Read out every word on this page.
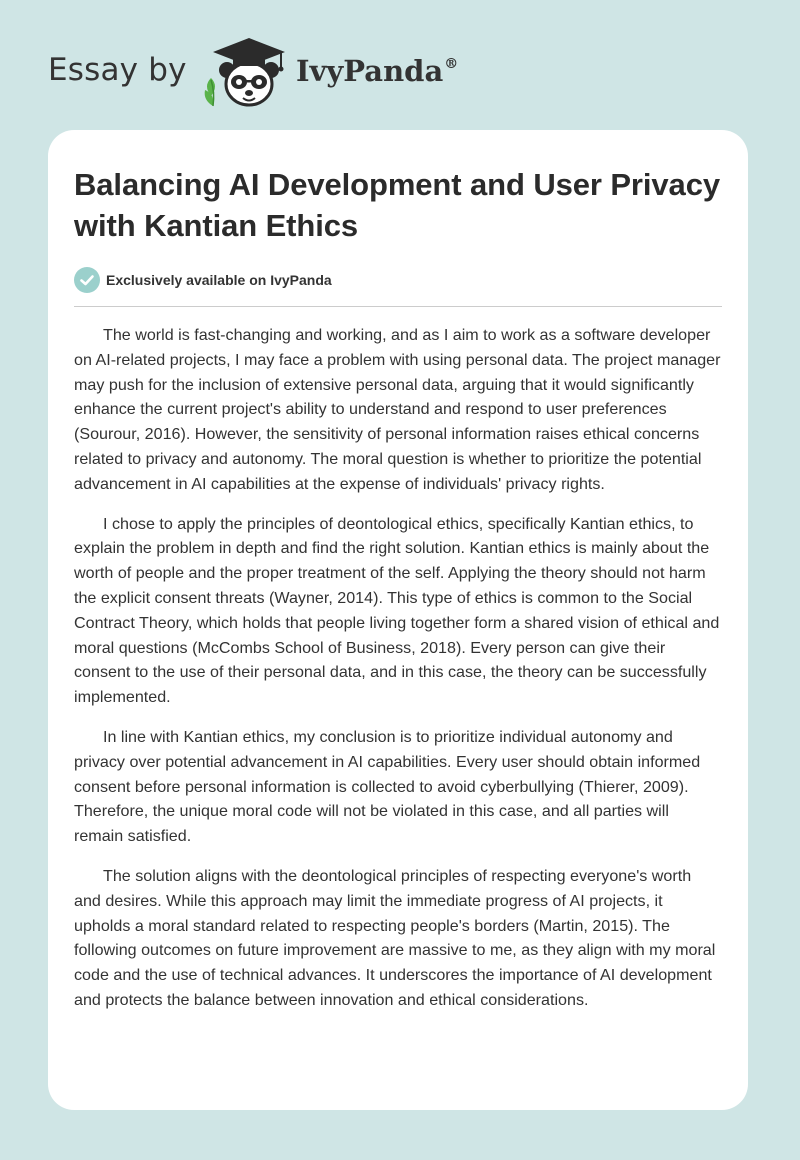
Essay by	IvyPanda®
Balancing AI Development and User Privacy with Kantian Ethics
Exclusively available on IvyPanda

The world is fast-changing and working, and as I aim to work as a software developer on AI-related projects, I may face a problem with using personal data. The project manager may push for the inclusion of extensive personal data, arguing that it would significantly enhance the current project's ability to understand and respond to user preferences (Sourour, 2016). However, the sensitivity of personal information raises ethical concerns related to privacy and autonomy. The moral question is whether to prioritize the potential advancement in AI capabilities at the expense of individuals' privacy rights.

I chose to apply the principles of deontological ethics, specifically Kantian ethics, to explain the problem in depth and find the right solution. Kantian ethics is mainly about the worth of people and the proper treatment of the self. Applying the theory should not harm the explicit consent threats (Wayner, 2014). This type of ethics is common to the Social Contract Theory, which holds that people living together form a shared vision of ethical and moral questions (McCombs School of Business, 2018). Every person can give their consent to the use of their personal data, and in this case, the theory can be successfully implemented.

In line with Kantian ethics, my conclusion is to prioritize individual autonomy and privacy over potential advancement in AI capabilities. Every user should obtain informed consent before personal information is collected to avoid cyberbullying (Thierer, 2009). Therefore, the unique moral code will not be violated in this case, and all parties will remain satisfied.

The solution aligns with the deontological principles of respecting everyone's worth and desires. While this approach may limit the immediate progress of AI projects, it upholds a moral standard related to respecting people's borders (Martin, 2015). The following outcomes on future improvement are massive to me, as they align with my moral code and the use of technical advances. It underscores the importance of AI development and protects the balance between innovation and ethical considerations.
